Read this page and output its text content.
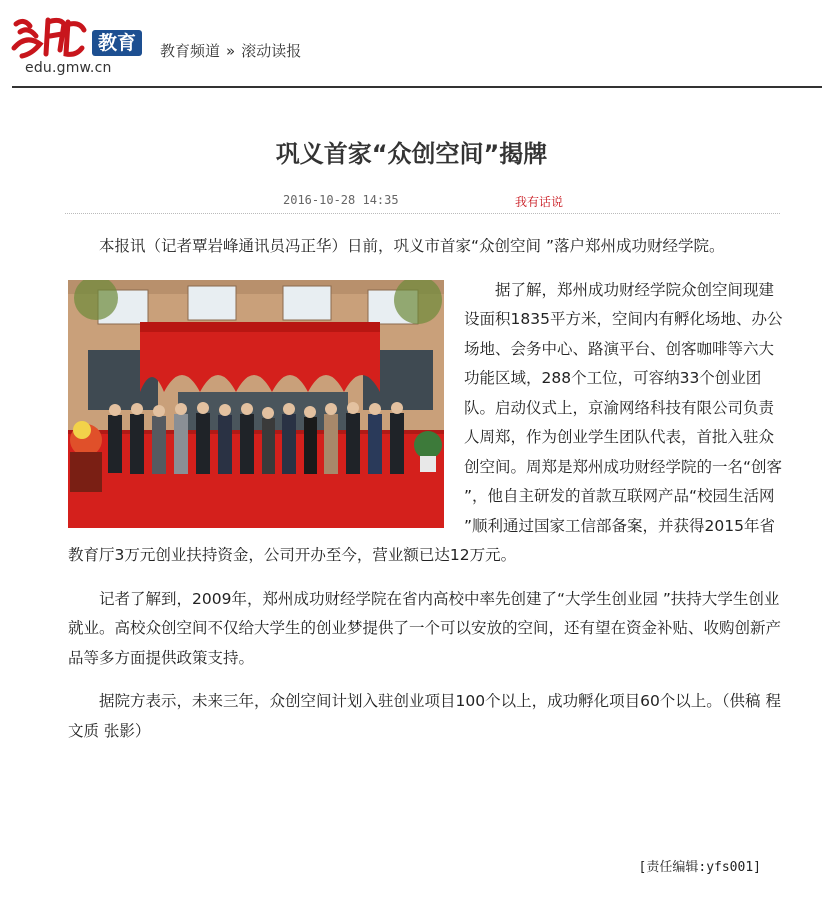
教育
edu.gmw.cn
教育频道 » 滚动读报
巩义首家“众创空间”揭牌
2016-10-28 14:35	我有话说

本报讯（记者覃岩峰通讯员冯正华）日前，巩义市首家“众创空间 ”落户郑州成功财经学院。

据了解，郑州成功财经学院众创空间现建设面积1835平方米，空间内有孵化场地、办公场地、会务中心、路演平台、创客咖啡等六大功能区域，288个工位，可容纳33个创业团队。启动仪式上，京渝网络科技有限公司负责人周郑，作为创业学生团队代表，首批入驻众创空间。周郑是郑州成功财经学院的一名“创客 ”，他自主研发的首款互联网产品“校园生活网 ”顺利通过国家工信部备案，并获得2015年省教育厅3万元创业扶持资金，公司开办至今，营业额已达12万元。

记者了解到，2009年，郑州成功财经学院在省内高校中率先创建了“大学生创业园 ”扶持大学生创业就业。高校众创空间不仅给大学生的创业梦提供了一个可以安放的空间，还有望在资金补贴、收购创新产品等多方面提供政策支持。

据院方表示，未来三年，众创空间计划入驻创业项目100个以上，成功孵化项目60个以上。（供稿 程文质 张影）

[责任编辑:yfs001]
